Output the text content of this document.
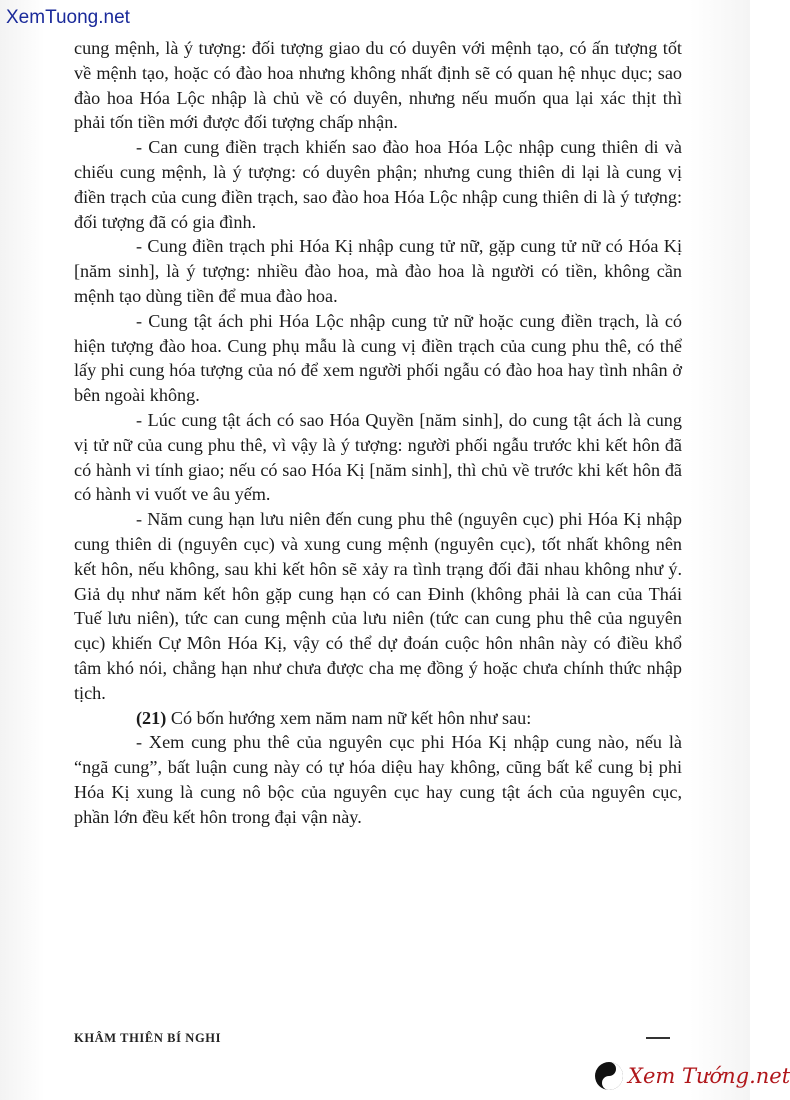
XemTuong.net

cung mệnh, là ý tượng: đối tượng giao du có duyên với mệnh tạo, có ấn tượng tốt về mệnh tạo, hoặc có đào hoa nhưng không nhất định sẽ có quan hệ nhục dục; sao đào hoa Hóa Lộc nhập là chủ về có duyên, nhưng nếu muốn qua lại xác thịt thì phải tốn tiền mới được đối tượng chấp nhận.

- Can cung điền trạch khiến sao đào hoa Hóa Lộc nhập cung thiên di và chiếu cung mệnh, là ý tượng: có duyên phận; nhưng cung thiên di lại là cung vị điền trạch của cung điền trạch, sao đào hoa Hóa Lộc nhập cung thiên di là ý tượng: đối tượng đã có gia đình.

- Cung điền trạch phi Hóa Kị nhập cung tử nữ, gặp cung tử nữ có Hóa Kị [năm sinh], là ý tượng: nhiều đào hoa, mà đào hoa là người có tiền, không cần mệnh tạo dùng tiền để mua đào hoa.

- Cung tật ách phi Hóa Lộc nhập cung tử nữ hoặc cung điền trạch, là có hiện tượng đào hoa. Cung phụ mẫu là cung vị điền trạch của cung phu thê, có thể lấy phi cung hóa tượng của nó để xem người phối ngẫu có đào hoa hay tình nhân ở bên ngoài không.

- Lúc cung tật ách có sao Hóa Quyền [năm sinh], do cung tật ách là cung vị tử nữ của cung phu thê, vì vậy là ý tượng: người phối ngẫu trước khi kết hôn đã có hành vi tính giao; nếu có sao Hóa Kị [năm sinh], thì chủ về trước khi kết hôn đã có hành vi vuốt ve âu yếm.

- Năm cung hạn lưu niên đến cung phu thê (nguyên cục) phi Hóa Kị nhập cung thiên di (nguyên cục) và xung cung mệnh (nguyên cục), tốt nhất không nên kết hôn, nếu không, sau khi kết hôn sẽ xảy ra tình trạng đối đãi nhau không như ý. Giả dụ như năm kết hôn gặp cung hạn có can Đinh (không phải là can của Thái Tuế lưu niên), tức can cung mệnh của lưu niên (tức can cung phu thê của nguyên cục) khiến Cự Môn Hóa Kị, vậy có thể dự đoán cuộc hôn nhân này có điều khổ tâm khó nói, chẳng hạn như chưa được cha mẹ đồng ý hoặc chưa chính thức nhập tịch.

(21) Có bốn hướng xem năm nam nữ kết hôn như sau:

- Xem cung phu thê của nguyên cục phi Hóa Kị nhập cung nào, nếu là “ngã cung”, bất luận cung này có tự hóa diệu hay không, cũng bất kể cung bị phi Hóa Kị xung là cung nô bộc của nguyên cục hay cung tật ách của nguyên cục, phần lớn đều kết hôn trong đại vận này.

KHÂM THIÊN BÍ NGHI
Xem Tướng.net
